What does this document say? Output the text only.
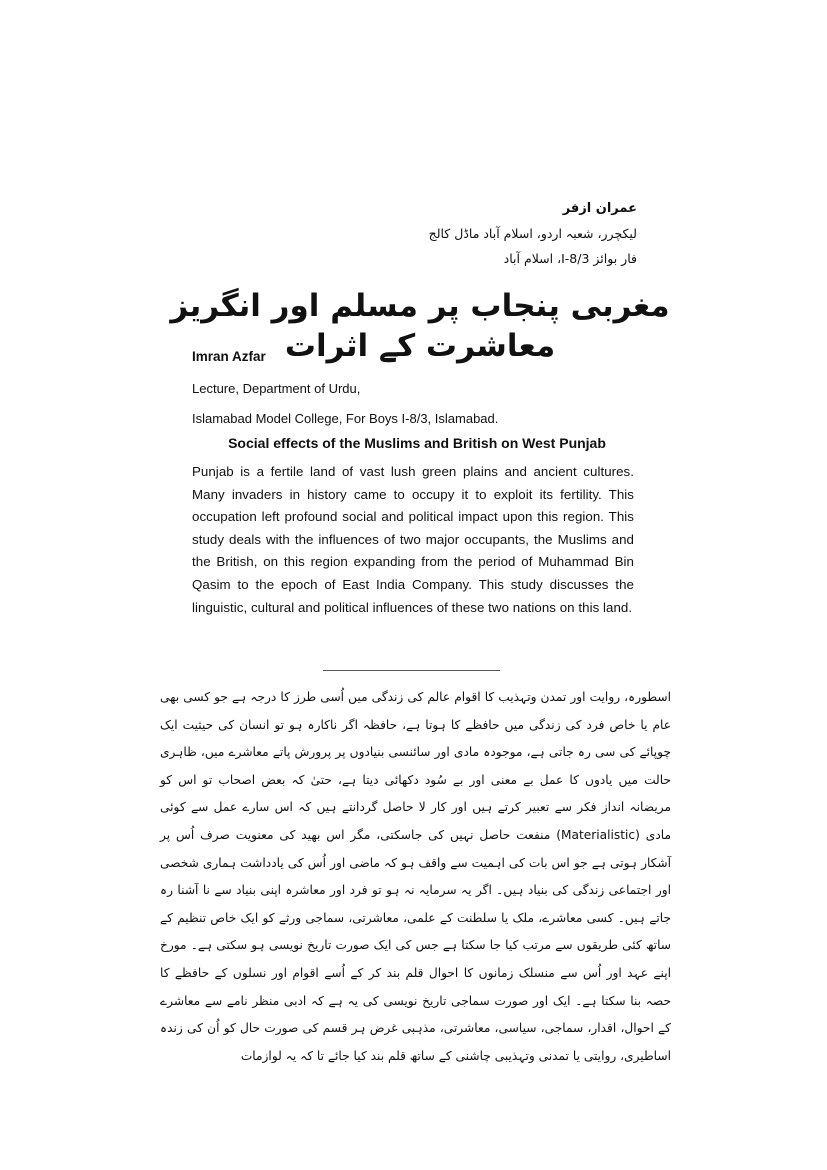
عمران ازفر
لیکچرر، شعبہ اردو، اسلام آباد ماڈل کالج
فار بوائز I-8/3، اسلام آباد
مغربی پنجاب پر مسلم اور انگریز معاشرت کے اثرات
Imran Azfar
Lecture, Department of Urdu,
Islamabad Model College, For Boys I-8/3, Islamabad.
Social effects of the Muslims and British on West Punjab
Punjab is a fertile land of vast lush green plains and ancient cultures. Many invaders in history came to occupy it to exploit its fertility. This occupation left profound social and political impact upon this region. This study deals with the influences of two major occupants, the Muslims and the British, on this region expanding from the period of Muhammad Bin Qasim to the epoch of East India Company. This study discusses the linguistic, cultural and political influences of these two nations on this land.
اسطورہ، روایت اور تمدن وتہذیب کا اقوام عالم کی زندگی میں اُسی طرز کا درجہ ہے جو کسی بھی عام یا خاص فرد کی زندگی میں حافظے کا ہوتا ہے، حافظہ اگر ناکارہ ہو تو انسان کی حیثیت ایک چوپائے کی سی رہ جاتی ہے، موجودہ مادی اور سائنسی بنیادوں پر پرورش پاتے معاشرے میں، ظاہری حالت میں یادوں کا عمل بے معنی اور بے سُود دکھائی دیتا ہے، حتیٰ کہ بعض اصحاب تو اس کو مریضانہ انداز فکر سے تعبیر کرتے ہیں اور کار لا حاصل گردانتے ہیں کہ اس سارے عمل سے کوئی مادی (Materialistic) منفعت حاصل نہیں کی جاسکتی، مگر اس بھید کی معنویت صرف اُس پر آشکار ہوتی ہے جو اس بات کی اہمیت سے واقف ہو کہ ماضی اور اُس کی یادداشت ہماری شخصی اور اجتماعی زندگی کی بنیاد ہیں۔ اگر یہ سرمایہ نہ ہو تو فرد اور معاشرہ اپنی بنیاد سے نا آشنا رہ جاتے ہیں۔ کسی معاشرے، ملک یا سلطنت کے علمی، معاشرتی، سماجی ورثے کو ایک خاص تنظیم کے ساتھ کئی طریقوں سے مرتب کیا جا سکتا ہے جس کی ایک صورت تاریخ نویسی ہو سکتی ہے۔ مورخ اپنے عہد اور اُس سے منسلک زمانوں کا احوال قلم بند کر کے اُسے اقوام اور نسلوں کے حافظے کا حصہ بنا سکتا ہے۔ ایک اور صورت سماجی تاریخ نویسی کی یہ ہے کہ ادبی منظر نامے سے معاشرے کے احوال، اقدار، سماجی، سیاسی، معاشرتی، مذہبی غرض ہر قسم کی صورت حال کو اُن کی زندہ اساطیری، روایتی یا تمدنی وتہذیبی چاشنی کے ساتھ قلم بند کیا جائے تا کہ یہ لوازمات
